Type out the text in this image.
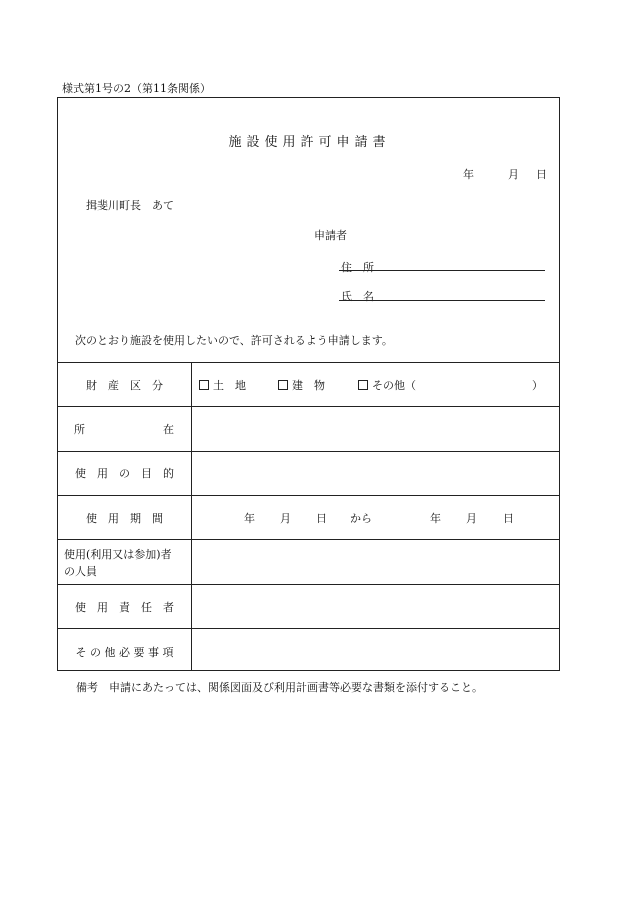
様式第1号の2（第11条関係）
施設使用許可申請書
年	月 日
揖斐川町長　あて
申請者
住　所
氏　名
次のとおり施設を使用したいので、許可されるよう申請します。
財　産　区　分	土　地	建　物	その他（	）
所	在
使　用　の　目　的
使　用　期　間	年 月 日 から	年 月 日
使用(利用又は参加)者
の人員
使　用　責　任　者
そ の 他 必 要 事 項
備考　申請にあたっては、関係図面及び利用計画書等必要な書類を添付すること。
